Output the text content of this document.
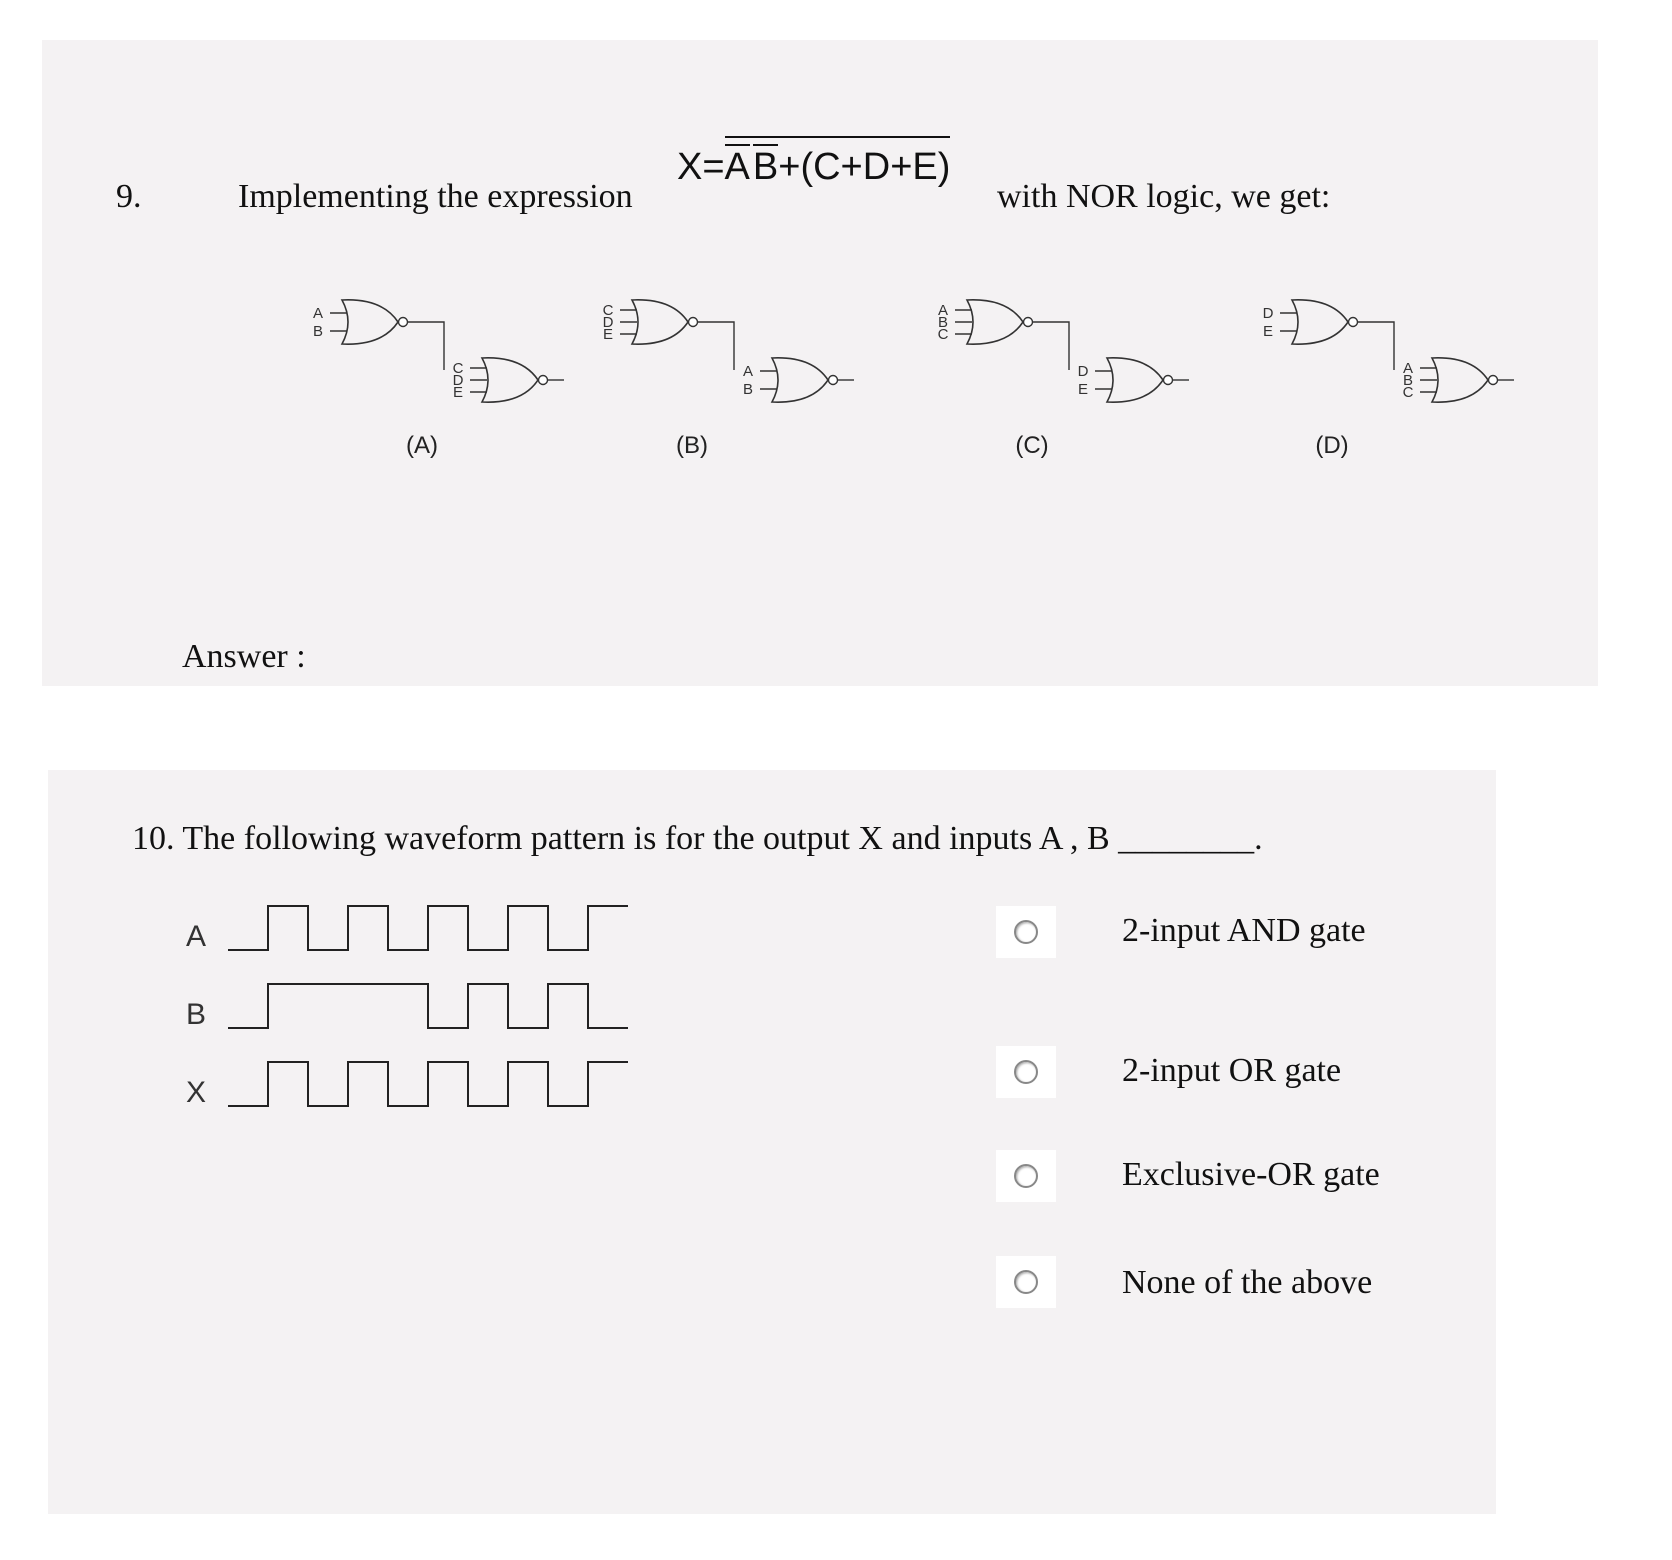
9.	Implementing the expression
X=
AB+(C+D+E)
with NOR logic, we get:
A
B
C
D
E
(A)
C
D
E
A
B
(B)
A
B
C
D
E
(C)
D
E
A
B
C
(D)
Answer :
10. The following waveform pattern is for the output X and inputs A , B ________.
A
B
X
2-input AND gate
2-input OR gate
Exclusive-OR gate
None of the above
